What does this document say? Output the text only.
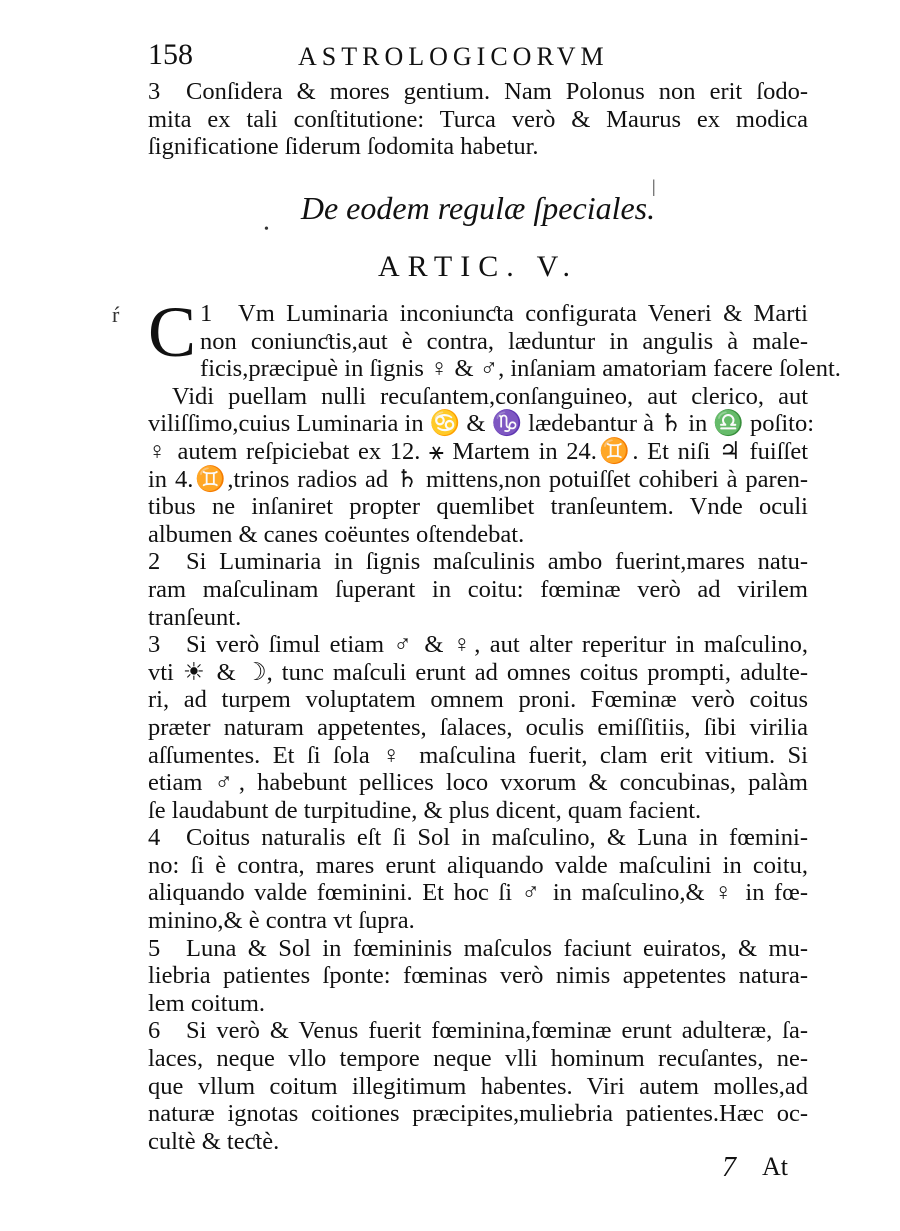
158	ASTROLOGICORVM
3 Conſidera & mores gentium. Nam Polonus non erit ſodo-
mita ex tali conſtitutione: Turca verò & Maurus ex modica
ſignificatione ſiderum ſodomita habetur.
De eodem regulæ ſpeciales.
ARTIC. V.
1
C Vm Luminaria inconiunƈta configurata Veneri & Marti
non coniunƈtis,aut è contra, læduntur in angulis à male-
ficis,præcipuè in ſignis ♀ & ♂, inſaniam amatoriam facere ſolent.
Vidi puellam nulli recuſantem,conſanguineo, aut clerico, aut
viliſſimo,cuius Luminaria in ♋ & ♑ lædebantur à ♄ in ♎ poſito:
♀ autem reſpiciebat ex 12. ⚹ Martem in 24.♊. Et niſi ♃ fuiſſet
in 4.♊,trinos radios ad ♄ mittens,non potuiſſet cohiberi à paren-
tibus ne inſaniret propter quemlibet tranſeuntem. Vnde oculi
albumen & canes coëuntes oſtendebat.
2 Si Luminaria in ſignis maſculinis ambo fuerint,mares natu-
ram maſculinam ſuperant in coitu: fœminæ verò ad virilem
tranſeunt.
3 Si verò ſimul etiam ♂ & ♀, aut alter reperitur in maſculino,
vti ☀ & ☽, tunc maſculi erunt ad omnes coitus prompti, adulte-
ri, ad turpem voluptatem omnem proni. Fœminæ verò coitus
præter naturam appetentes, ſalaces, oculis emiſſitiis, ſibi virilia
aſſumentes. Et ſi ſola ♀ maſculina fuerit, clam erit vitium. Si
etiam ♂, habebunt pellices loco vxorum & concubinas, palàm
ſe laudabunt de turpitudine, & plus dicent, quam facient.
4 Coitus naturalis eſt ſi Sol in maſculino, & Luna in fœmini-
no: ſi è contra, mares erunt aliquando valde maſculini in coitu,
aliquando valde fœminini. Et hoc ſi ♂ in maſculino,& ♀ in fœ-
minino,& è contra vt ſupra.
5 Luna & Sol in fœmininis maſculos faciunt euiratos, & mu-
liebria patientes ſponte: fœminas verò nimis appetentes natura-
lem coitum.
6 Si verò & Venus fuerit fœminina,fœminæ erunt adulteræ, ſa-
laces, neque vllo tempore neque vlli hominum recuſantes, ne-
que vllum coitum illegitimum habentes. Viri autem molles,ad
naturæ ignotas coitiones præcipites,muliebria patientes.Hæc oc-
cultè & teƈtè.
7 At
ŕ
|
•
